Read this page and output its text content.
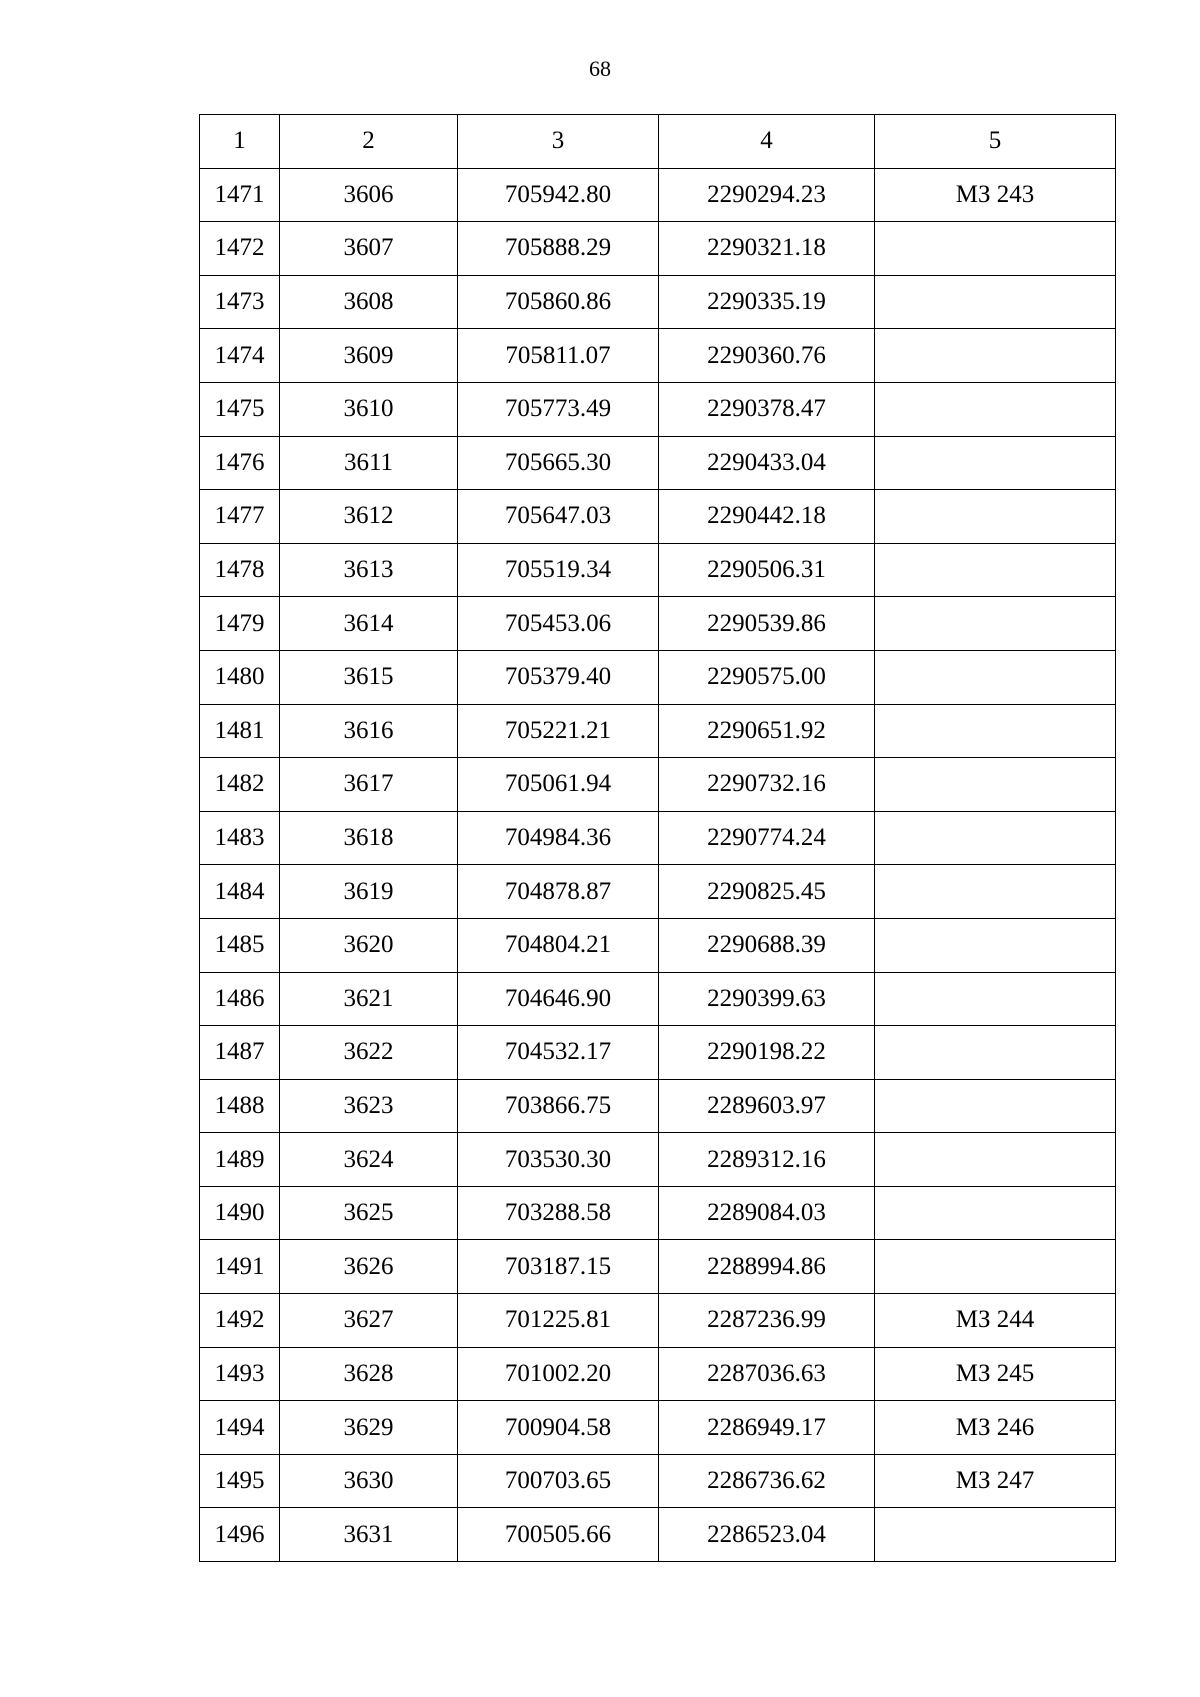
68
1	2	3	4	5
1471	3606	705942.80	2290294.23	МЗ 243
1472	3607	705888.29	2290321.18	
1473	3608	705860.86	2290335.19	
1474	3609	705811.07	2290360.76	
1475	3610	705773.49	2290378.47	
1476	3611	705665.30	2290433.04	
1477	3612	705647.03	2290442.18	
1478	3613	705519.34	2290506.31	
1479	3614	705453.06	2290539.86	
1480	3615	705379.40	2290575.00	
1481	3616	705221.21	2290651.92	
1482	3617	705061.94	2290732.16	
1483	3618	704984.36	2290774.24	
1484	3619	704878.87	2290825.45	
1485	3620	704804.21	2290688.39	
1486	3621	704646.90	2290399.63	
1487	3622	704532.17	2290198.22	
1488	3623	703866.75	2289603.97	
1489	3624	703530.30	2289312.16	
1490	3625	703288.58	2289084.03	
1491	3626	703187.15	2288994.86	
1492	3627	701225.81	2287236.99	МЗ 244
1493	3628	701002.20	2287036.63	МЗ 245
1494	3629	700904.58	2286949.17	МЗ 246
1495	3630	700703.65	2286736.62	МЗ 247
1496	3631	700505.66	2286523.04	
